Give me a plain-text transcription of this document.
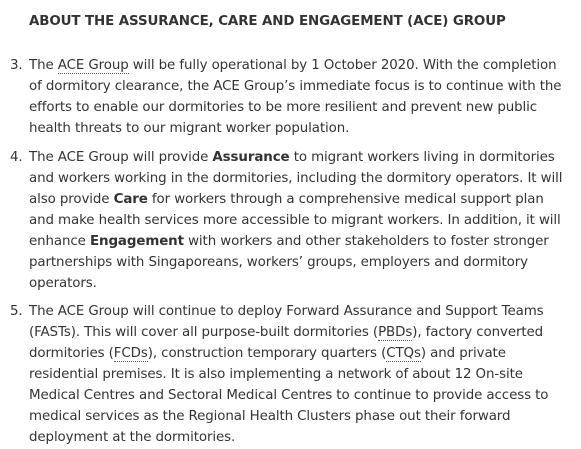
ABOUT THE ASSURANCE, CARE AND ENGAGEMENT (ACE) GROUP
3. The ACE Group will be fully operational by 1 October 2020. With the completion of dormitory clearance, the ACE Group’s immediate focus is to continue with the efforts to enable our dormitories to be more resilient and prevent new public health threats to our migrant worker population.

4. The ACE Group will provide Assurance to migrant workers living in dormitories and workers working in the dormitories, including the dormitory operators. It will also provide Care for workers through a comprehensive medical support plan and make health services more accessible to migrant workers. In addition, it will enhance Engagement with workers and other stakeholders to foster stronger partnerships with Singaporeans, workers’ groups, employers and dormitory operators.

5. The ACE Group will continue to deploy Forward Assurance and Support Teams (FASTs). This will cover all purpose-built dormitories (PBDs), factory converted dormitories (FCDs), construction temporary quarters (CTQs) and private residential premises. It is also implementing a network of about 12 On-site Medical Centres and Sectoral Medical Centres to continue to provide access to medical services as the Regional Health Clusters phase out their forward deployment at the dormitories.
